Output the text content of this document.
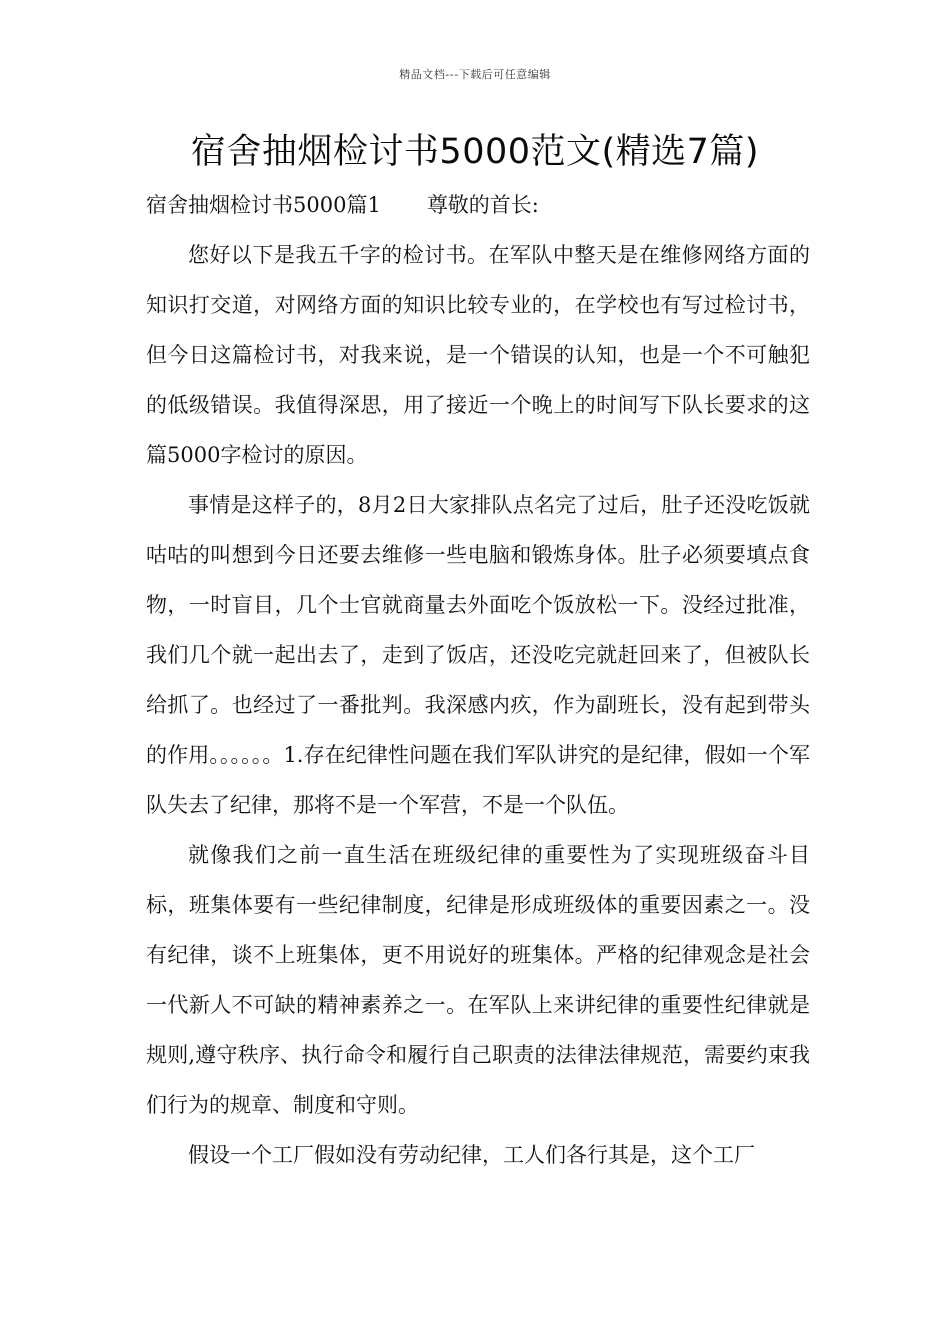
精品文档---下载后可任意编辑
宿舍抽烟检讨书5000范文(精选7篇)

宿舍抽烟检讨书5000篇1 尊敬的首长:

您好以下是我五千字的检讨书。在军队中整天是在维修网络方面的知识打交道，对网络方面的知识比较专业的，在学校也有写过检讨书，但今日这篇检讨书，对我来说，是一个错误的认知，也是一个不可触犯的低级错误。我值得深思，用了接近一个晚上的时间写下队长要求的这篇5000字检讨的原因。

事情是这样子的，8月2日大家排队点名完了过后，肚子还没吃饭就咕咕的叫想到今日还要去维修一些电脑和锻炼身体。肚子必须要填点食物，一时盲目，几个士官就商量去外面吃个饭放松一下。没经过批准，我们几个就一起出去了，走到了饭店，还没吃完就赶回来了，但被队长给抓了。也经过了一番批判。我深感内疚，作为副班长，没有起到带头的作用。。。。。。1.存在纪律性问题在我们军队讲究的是纪律，假如一个军队失去了纪律，那将不是一个军营，不是一个队伍。

就像我们之前一直生活在班级纪律的重要性为了实现班级奋斗目标，班集体要有一些纪律制度，纪律是形成班级体的重要因素之一。没有纪律，谈不上班集体，更不用说好的班集体。严格的纪律观念是社会一代新人不可缺的精神素养之一。在军队上来讲纪律的重要性纪律就是规则,遵守秩序、执行命令和履行自己职责的法律法律规范，需要约束我们行为的规章、制度和守则。

假设一个工厂假如没有劳动纪律，工人们各行其是，这个工厂
